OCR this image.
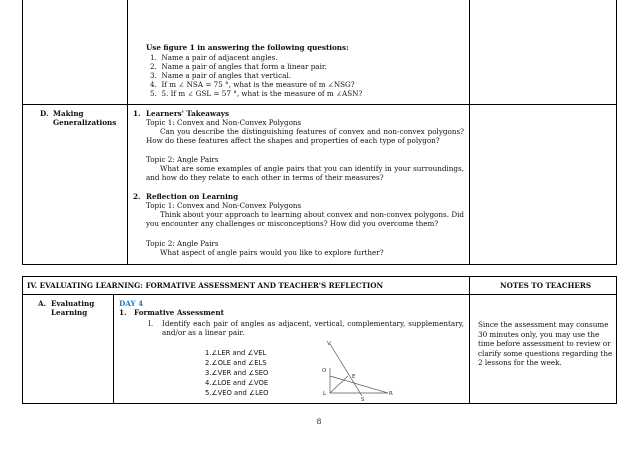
Use figure 1 in answering the following questions:
1. Name a pair of adjacent angles.
2. Name a pair of angles that form a linear pair.
3. Name a pair of angles that vertical.
4. If m ∠ NSA = 75 °, what is the measure of m ∠NSG?
5. 5. If m ∠ GSL = 57 °, what is the measure of m ∠ASN?
D. Making
Generalizations
1. Learners' Takeaways
Topic 1: Convex and Non-Convex Polygons
Can you describe the distinguishing features of convex and non-convex polygons? How do these features affect the shapes and properties of each type of polygon?
Topic 2: Angle Pairs
What are some examples of angle pairs that you can identify in your surroundings, and how do they relate to each other in terms of their measures?
2. Reflection on Learning
Topic 1: Convex and Non-Convex Polygons
Think about your approach to learning about convex and non-convex polygons. Did you encounter any challenges or misconceptions? How did you overcome them?
Topic 2: Angle Pairs
What aspect of angle pairs would you like to explore further?
IV. EVALUATING LEARNING: FORMATIVE ASSESSMENT AND TEACHER'S REFLECTION	NOTES TO TEACHERS
A. Evaluating
Learning
DAY 4
1. Formative Assessment
I. Identify each pair of angles as adjacent, vertical, complementary, supplementary, and/or as a linear pair.
1.∠LER and ∠VEL
2.∠OLE and ∠ELS
3.∠VER and ∠SEO
4.∠LOE and ∠VOE
5.∠VEO and ∠LEO
V
O
E
L	R
S
Since the assessment may consume 30 minutes only, you may use the time before assessment to review or clarify some questions regarding the 2 lessons for the week.
8
